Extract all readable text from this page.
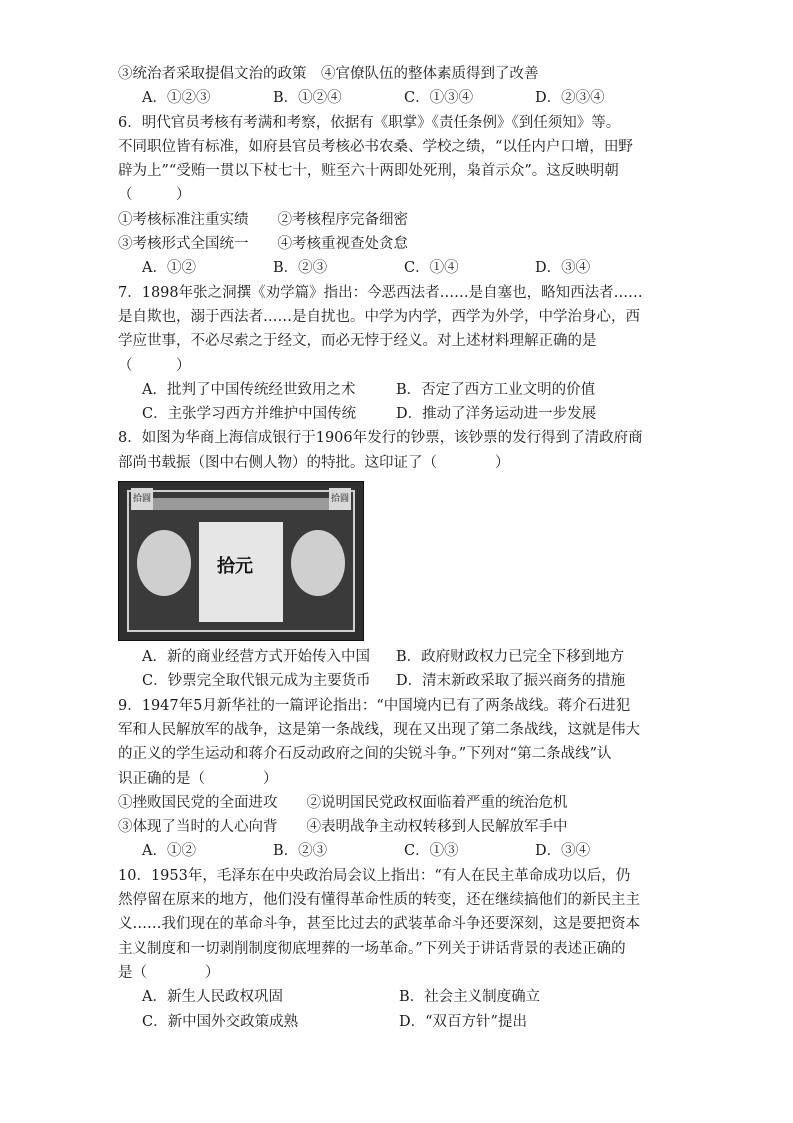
③统治者采取提倡文治的政策　④官僚队伍的整体素质得到了改善
A．①②③	B．①②④	C．①③④	D．②③④
6．明代官员考核有考满和考察，依据有《职掌》《责任条例》《到任须知》等。
不同职位皆有标准，如府县官员考核必书农桑、学校之绩，“以任内户口增，田野
辟为上”“受贿一贯以下杖七十，赃至六十两即处死刑，枭首示众”。这反映明朝
（　　　）
①考核标准注重实绩　　②考核程序完备细密
③考核形式全国统一　　④考核重视查处贪怠
A．①②	B．②③	C．①④	D．③④
7．1898年张之洞撰《劝学篇》指出：今恶西法者……是自塞也，略知西法者……
是自欺也，溺于西法者……是自扰也。中学为内学，西学为外学，中学治身心，西
学应世事，不必尽索之于经文，而必无悖于经义。对上述材料理解正确的是
（　　　）
A．批判了中国传统经世致用之术	B．否定了西方工业文明的价值
C．主张学习西方并维护中国传统	D．推动了洋务运动进一步发展
8．如图为华商上海信成银行于1906年发行的钞票，该钞票的发行得到了清政府商
部尚书载振（图中右侧人物）的特批。这印证了（　　　　）
拾圓	拾圓
拾元
A．新的商业经营方式开始传入中国	B．政府财政权力已完全下移到地方
C．钞票完全取代银元成为主要货币	D．清末新政采取了振兴商务的措施
9．1947年5月新华社的一篇评论指出：“中国境内已有了两条战线。蒋介石进犯
军和人民解放军的战争，这是第一条战线，现在又出现了第二条战线，这就是伟大
的正义的学生运动和蒋介石反动政府之间的尖锐斗争。”下列对“第二条战线”认
识正确的是（　　　　）
①挫败国民党的全面进攻　　②说明国民党政权面临着严重的统治危机
③体现了当时的人心向背　　④表明战争主动权转移到人民解放军手中
A．①②	B．②③	C．①③	D．③④
10．1953年，毛泽东在中央政治局会议上指出：“有人在民主革命成功以后，仍
然停留在原来的地方，他们没有懂得革命性质的转变，还在继续搞他们的新民主主
义……我们现在的革命斗争，甚至比过去的武装革命斗争还要深刻，这是要把资本
主义制度和一切剥削制度彻底埋葬的一场革命。”下列关于讲话背景的表述正确的
是（　　　　）
A．新生人民政权巩固	B．社会主义制度确立
C．新中国外交政策成熟	D．“双百方针”提出
